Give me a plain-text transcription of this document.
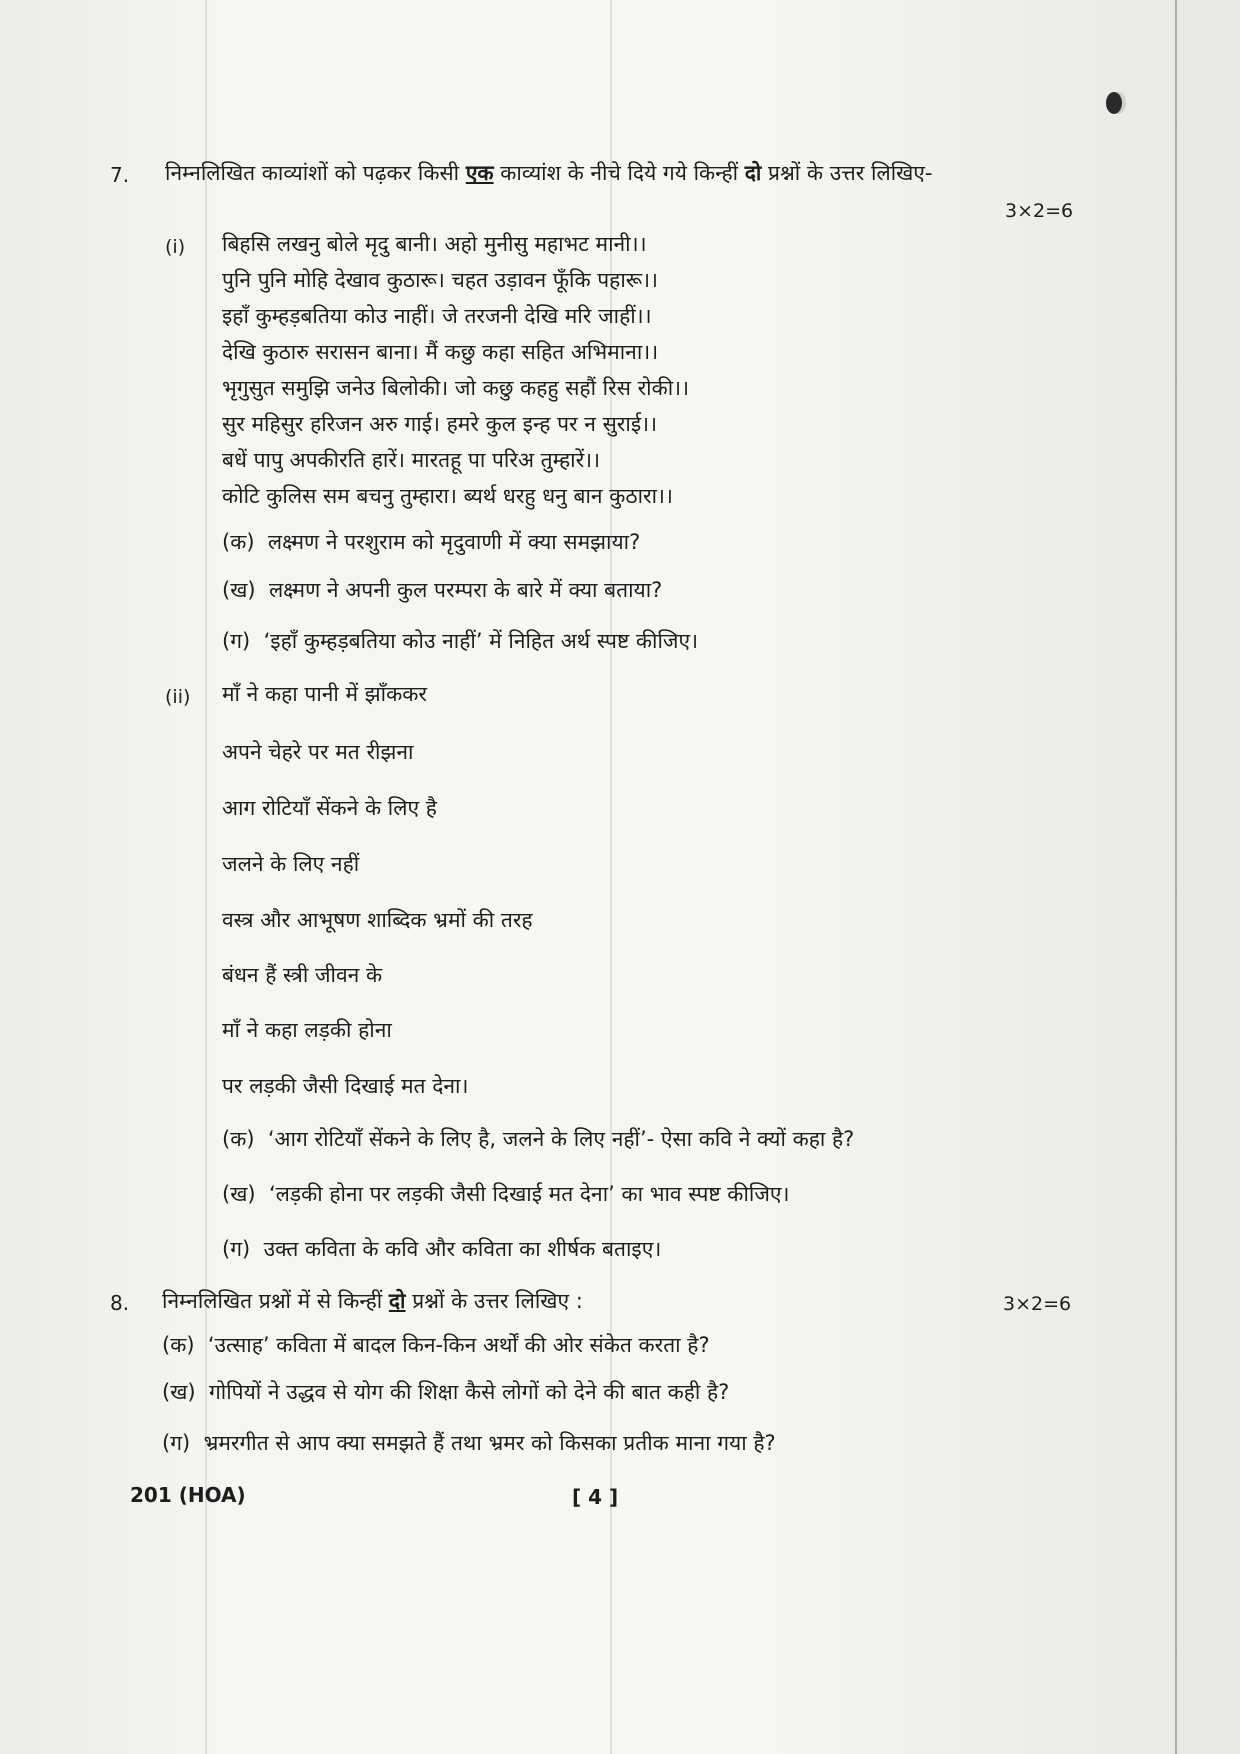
7. निम्नलिखित काव्यांशों को पढ़कर किसी एक काव्यांश के नीचे दिये गये किन्हीं दो प्रश्नों के उत्तर लिखिए-
3×2=6
(i) बिहसि लखनु बोले मृदु बानी। अहो मुनीसु महाभट मानी।।
पुनि पुनि मोहि देखाव कुठारू। चहत उड़ावन फूँकि पहारू।।
इहाँ कुम्हड़बतिया कोउ नाहीं। जे तरजनी देखि मरि जाहीं।।
देखि कुठारु सरासन बाना। मैं कछु कहा सहित अभिमाना।।
भृगुसुत समुझि जनेउ बिलोकी। जो कछु कहहु सहौं रिस रोकी।।
सुर महिसुर हरिजन अरु गाई। हमरे कुल इन्ह पर न सुराई।।
बधें पापु अपकीरति हारें। मारतहू पा परिअ तुम्हारें।।
कोटि कुलिस सम बचनु तुम्हारा। ब्यर्थ धरहु धनु बान कुठारा।।
(क) लक्ष्मण ने परशुराम को मृदुवाणी में क्या समझाया?
(ख) लक्ष्मण ने अपनी कुल परम्परा के बारे में क्या बताया?
(ग) ‘इहाँ कुम्हड़बतिया कोउ नाहीं’ में निहित अर्थ स्पष्ट कीजिए।
(ii) माँ ने कहा पानी में झाँककर
अपने चेहरे पर मत रीझना
आग रोटियाँ सेंकने के लिए है
जलने के लिए नहीं
वस्त्र और आभूषण शाब्दिक भ्रमों की तरह
बंधन हैं स्त्री जीवन के
माँ ने कहा लड़की होना
पर लड़की जैसी दिखाई मत देना।
(क) ‘आग रोटियाँ सेंकने के लिए है, जलने के लिए नहीं’- ऐसा कवि ने क्यों कहा है?
(ख) ‘लड़की होना पर लड़की जैसी दिखाई मत देना’ का भाव स्पष्ट कीजिए।
(ग) उक्त कविता के कवि और कविता का शीर्षक बताइए।
8. निम्नलिखित प्रश्नों में से किन्हीं दो प्रश्नों के उत्तर लिखिए :	3×2=6
(क) ‘उत्साह’ कविता में बादल किन-किन अर्थों की ओर संकेत करता है?
(ख) गोपियों ने उद्धव से योग की शिक्षा कैसे लोगों को देने की बात कही है?
(ग) भ्रमरगीत से आप क्या समझते हैं तथा भ्रमर को किसका प्रतीक माना गया है?
201 (HOA)	[ 4 ]
